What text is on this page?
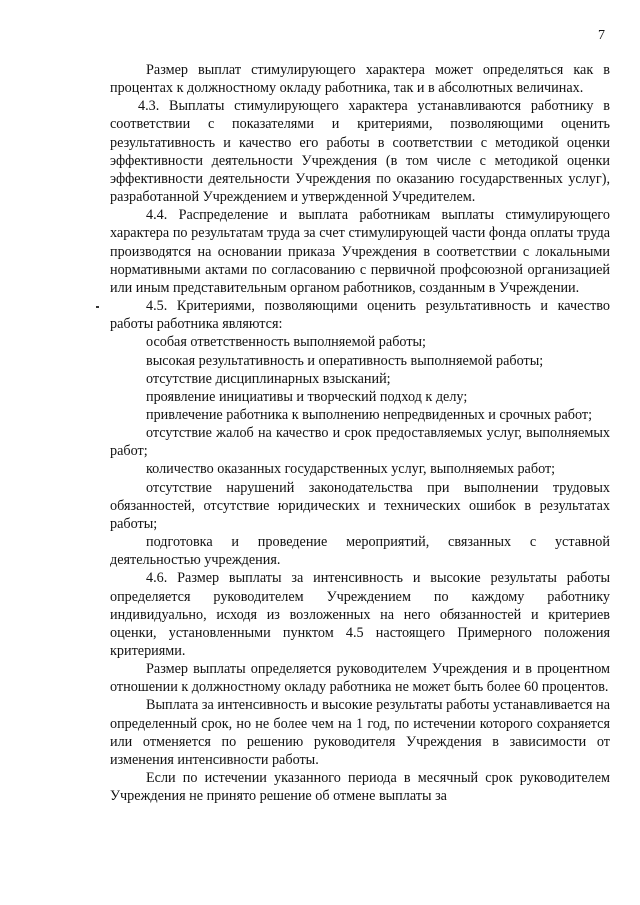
7

Размер выплат стимулирующего характера может определяться как в процентах к должностному окладу работника, так и в абсолютных величинах.

4.3. Выплаты стимулирующего характера устанавливаются работнику в соответствии с показателями и критериями, позволяющими оценить результативность и качество его работы в соответствии с методикой оценки эффективности деятельности Учреждения (в том числе с методикой оценки эффективности деятельности Учреждения по оказанию государственных услуг), разработанной Учреждением и утвержденной Учредителем.

4.4. Распределение и выплата работникам выплаты стимулирующего характера по результатам труда за счет стимулирующей части фонда оплаты труда производятся на основании приказа Учреждения в соответствии с локальными нормативными актами по согласованию с первичной профсоюзной организацией или иным представительным органом работников, созданным в Учреждении.

4.5. Критериями, позволяющими оценить результативность и качество работы работника являются:

особая ответственность выполняемой работы;

высокая результативность и оперативность выполняемой работы;

отсутствие дисциплинарных взысканий;

проявление инициативы и творческий подход к делу;

привлечение работника к выполнению непредвиденных и срочных работ;

отсутствие жалоб на качество и срок предоставляемых услуг, выполняемых работ;

количество оказанных государственных услуг, выполняемых работ;

отсутствие нарушений законодательства при выполнении трудовых обязанностей, отсутствие юридических и технических ошибок в результатах работы;

подготовка и проведение мероприятий, связанных с уставной деятельностью учреждения.

4.6. Размер выплаты за интенсивность и высокие результаты работы определяется руководителем Учреждением по каждому работнику индивидуально, исходя из возложенных на него обязанностей и критериев оценки, установленными пунктом 4.5 настоящего Примерного положения критериями.

Размер выплаты определяется руководителем Учреждения и в процентном отношении к должностному окладу работника не может быть более 60 процентов.

Выплата за интенсивность и высокие результаты работы устанавливается на определенный срок, но не более чем на 1 год, по истечении которого сохраняется или отменяется по решению руководителя Учреждения в зависимости от изменения интенсивности работы.

Если по истечении указанного периода в месячный срок руководителем Учреждения не принято решение об отмене выплаты за
